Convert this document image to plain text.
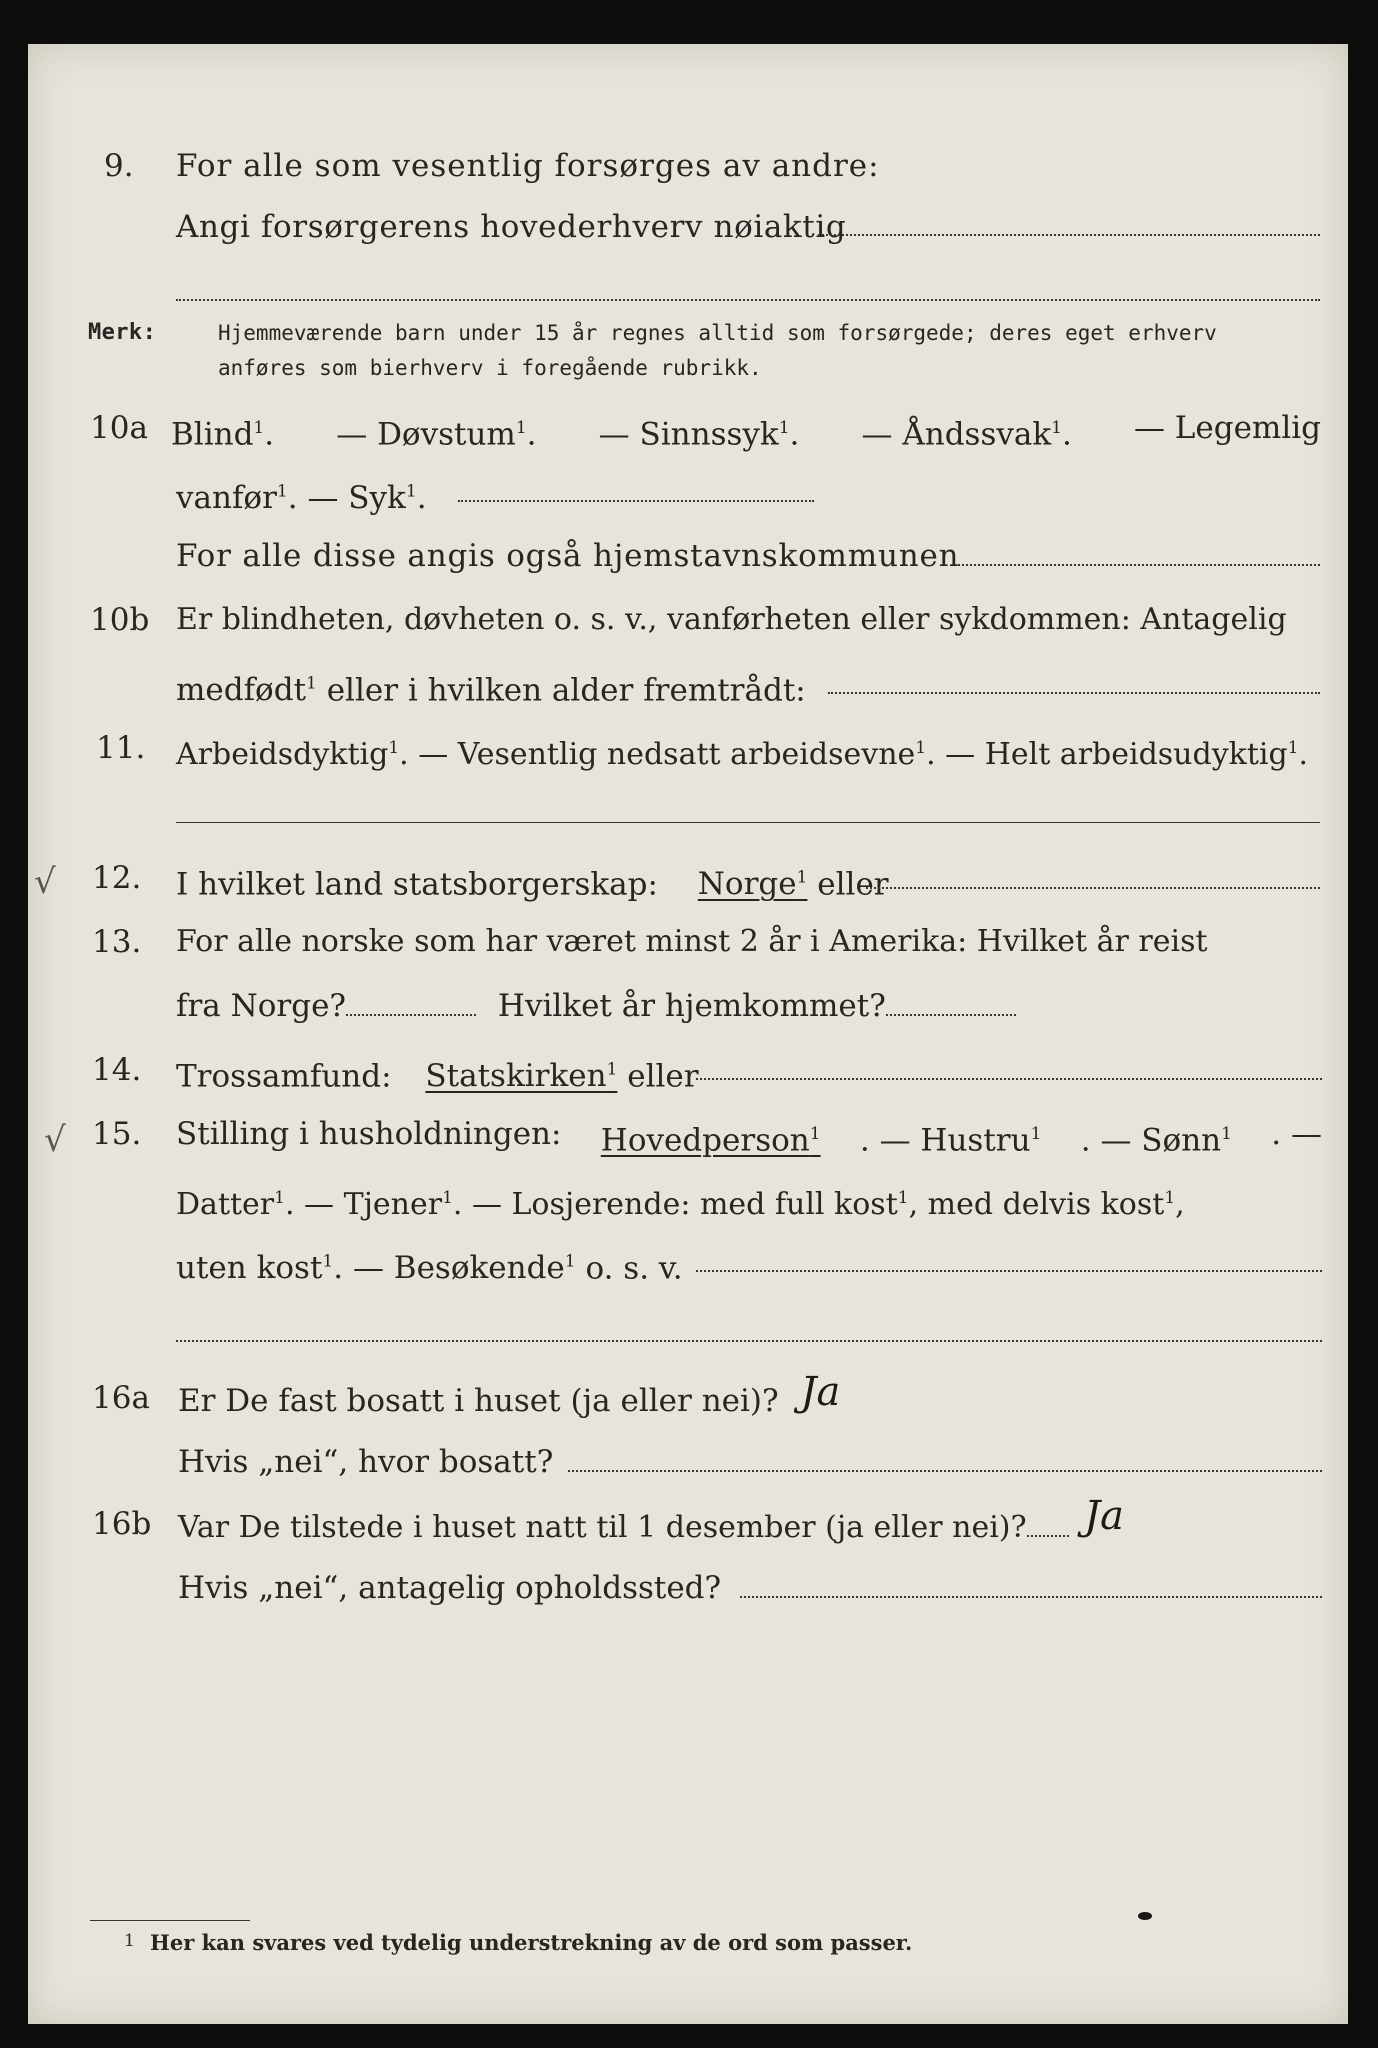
9. For alle som vesentlig forsørges av andre:
Angi forsørgerens hovederhverv nøiaktig
Merk:	Hjemmeværende barn under 15 år regnes alltid som forsørgede; deres eget erhverv
anføres som bierhverv i foregående rubrikk.
10a Blind$^1$. — Døvstum$^1$. — Sinnssyk$^1$. — Åndssvak$^1$. — Legemlig
vanfør$^1$. — Syk$^1$.
For alle disse angis også hjemstavnskommunen
10b Er blindheten, døvheten o. s. v., vanførheten eller sykdommen: Antagelig
medfødt$^1$ eller i hvilken alder fremtrådt:
11. Arbeidsdyktig$^1$. — Vesentlig nedsatt arbeidsevne$^1$. — Helt arbeidsudyktig$^1$.
√ 12. I hvilket land statsborgerskap: Norge$^1$ eller
13. For alle norske som har været minst 2 år i Amerika: Hvilket år reist
fra Norge?	Hvilket år hjemkommet?
14. Trossamfund: Statskirken$^1$ eller
√ 15. Stilling i husholdningen: Hovedperson$^1$ . — Hustru$^1$ . — Sønn$^1$ . —
Datter$^1$. — Tjener$^1$. — Losjerende: med full kost$^1$, med delvis kost$^1$,
uten kost$^1$. — Besøkende$^1$ o. s. v.
16a Er De fast bosatt i huset (ja eller nei)? Ja
Hvis „nei“, hvor bosatt?
16b Var De tilstede i huset natt til 1 desember (ja eller nei)? Ja
Hvis „nei“, antagelig opholdssted?
1 Her kan svares ved tydelig understrekning av de ord som passer.
